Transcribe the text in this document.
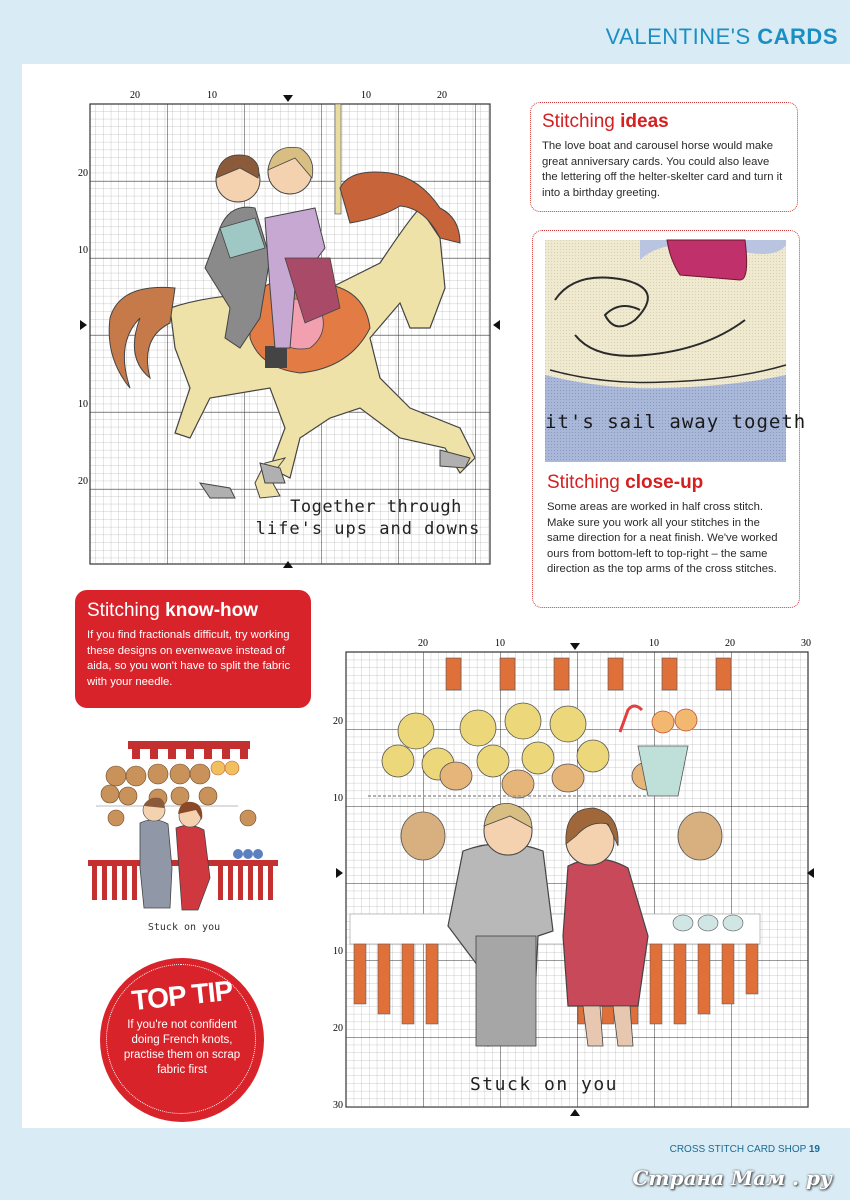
VALENTINE'S CARDS
20	10	10	20
20
10
10
20
Together through
life's ups and downs
Stitching ideas

The love boat and carousel horse would make great anniversary cards. You could also leave the lettering off the helter-skelter card and turn it into a birthday greeting.

it's sail away togeth
Stitching close-up

Some areas are worked in half cross stitch. Make sure you work all your stitches in the same direction for a neat finish. We've worked ours from bottom-left to top-right – the same direction as the top arms of the cross stitches.

Stitching know-how

If you find fractionals difficult, try working these designs on evenweave instead of aida, so you won't have to split the fabric with your needle.

Stuck on you
TOP TIP

If you're not confident doing French knots, practise them on scrap fabric first

20	10	10	20	30
20
10
10
20
30
Stuck on you
CROSS STITCH CARD SHOP 19
Страна Мам . ру
